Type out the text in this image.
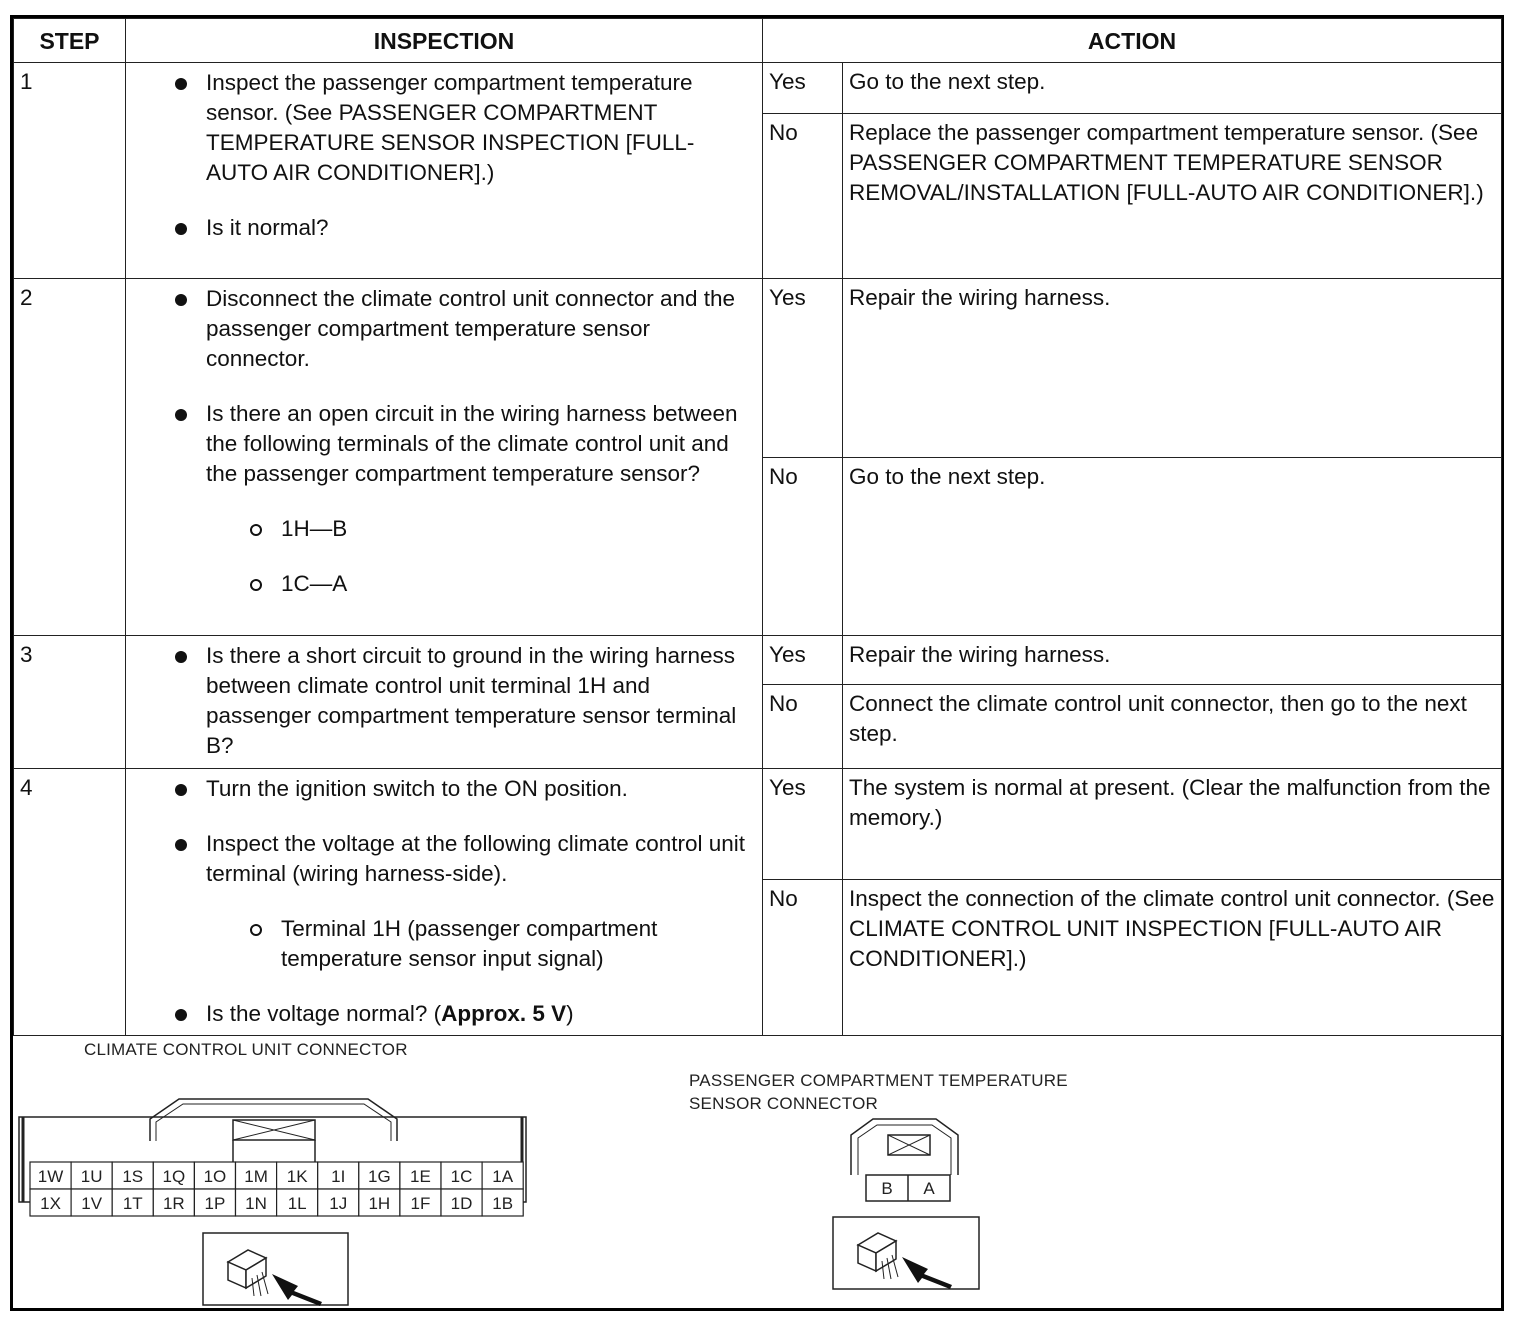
STEP	INSPECTION	ACTION	
1	Inspect the passenger compartment temperature sensor. (See PASSENGER COMPARTMENT TEMPERATURE SENSOR INSPECTION [FULL-AUTO AIR CONDITIONER].)
Is it normal?	Yes	Go to the next step.
		No	Replace the passenger compartment temperature sensor. (See PASSENGER COMPARTMENT TEMPERATURE SENSOR REMOVAL/INSTALLATION [FULL-AUTO AIR CONDITIONER].)
2	Disconnect the climate control unit connector and the passenger compartment temperature sensor connector.
Is there an open circuit in the wiring harness between the following terminals of the climate control unit and the passenger compartment temperature sensor?
1H—B
1C—A	Yes	Repair the wiring harness.
		No	Go to the next step.
3	Is there a short circuit to ground in the wiring harness between climate control unit terminal 1H and passenger compartment temperature sensor terminal B?	Yes	Repair the wiring harness.
		No	Connect the climate control unit connector, then go to the next step.
4	Turn the ignition switch to the ON position.
Inspect the voltage at the following climate control unit terminal (wiring harness-side).
Terminal 1H (passenger compartment temperature sensor input signal)
Is the voltage normal? (Approx. 5 V)	Yes	The system is normal at present. (Clear the malfunction from the memory.)
		No	Inspect the connection of the climate control unit connector. (See CLIMATE CONTROL UNIT INSPECTION [FULL-AUTO AIR CONDITIONER].)
CLIMATE CONTROL UNIT CONNECTOR
PASSENGER COMPARTMENT TEMPERATURE
SENSOR CONNECTOR
1W 1U 1S 1Q 1O 1M 1K 1I 1G 1E 1C 1A
1X 1V 1T 1R 1P 1N 1L 1J 1H 1F 1D 1B
B A
